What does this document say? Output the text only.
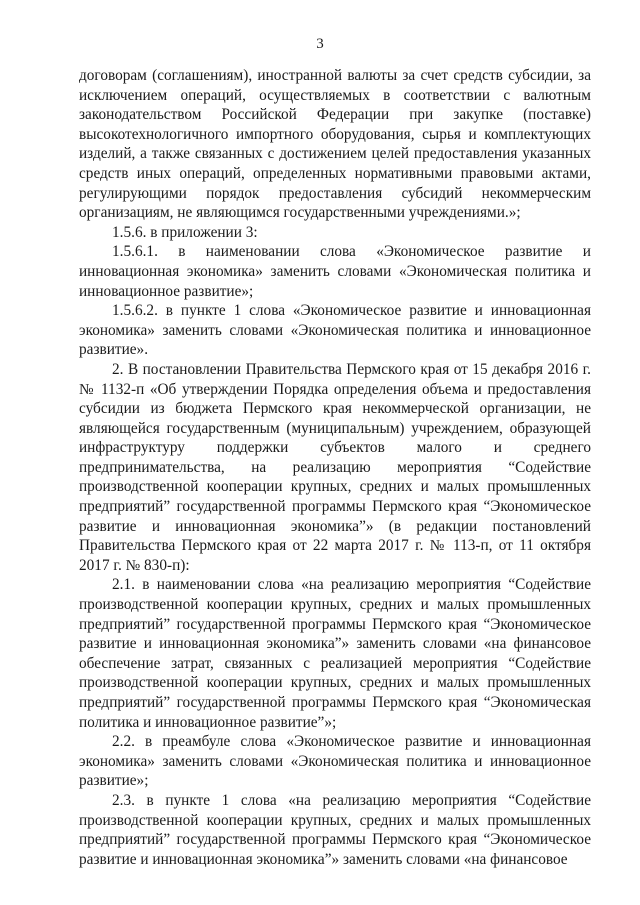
3

договорам (соглашениям), иностранной валюты за счет средств субсидии, за исключением операций, осуществляемых в соответствии с валютным законодательством Российской Федерации при закупке (поставке) высокотехнологичного импортного оборудования, сырья и комплектующих изделий, а также связанных с достижением целей предоставления указанных средств иных операций, определенных нормативными правовыми актами, регулирующими порядок предоставления субсидий некоммерческим организациям, не являющимся государственными учреждениями.»;

1.5.6. в приложении 3:

1.5.6.1. в наименовании слова «Экономическое развитие и инновационная экономика» заменить словами «Экономическая политика и инновационное развитие»;

1.5.6.2. в пункте 1 слова «Экономическое развитие и инновационная экономика» заменить словами «Экономическая политика и инновационное развитие».

2. В постановлении Правительства Пермского края от 15 декабря 2016 г. № 1132-п «Об утверждении Порядка определения объема и предоставления субсидии из бюджета Пермского края некоммерческой организации, не являющейся государственным (муниципальным) учреждением, образующей инфраструктуру поддержки субъектов малого и среднего предпринимательства, на реализацию мероприятия “Содействие производственной кооперации крупных, средних и малых промышленных предприятий” государственной программы Пермского края “Экономическое развитие и инновационная экономика”» (в редакции постановлений Правительства Пермского края от 22 марта 2017 г. № 113-п, от 11 октября 2017 г. № 830-п):

2.1. в наименовании слова «на реализацию мероприятия “Содействие производственной кооперации крупных, средних и малых промышленных предприятий” государственной программы Пермского края “Экономическое развитие и инновационная экономика”» заменить словами «на финансовое обеспечение затрат, связанных с реализацией мероприятия “Содействие производственной кооперации крупных, средних и малых промышленных предприятий” государственной программы Пермского края “Экономическая политика и инновационное развитие”»;

2.2. в преамбуле слова «Экономическое развитие и инновационная экономика» заменить словами «Экономическая политика и инновационное развитие»;

2.3. в пункте 1 слова «на реализацию мероприятия “Содействие производственной кооперации крупных, средних и малых промышленных предприятий” государственной программы Пермского края “Экономическое развитие и инновационная экономика”» заменить словами «на финансовое
